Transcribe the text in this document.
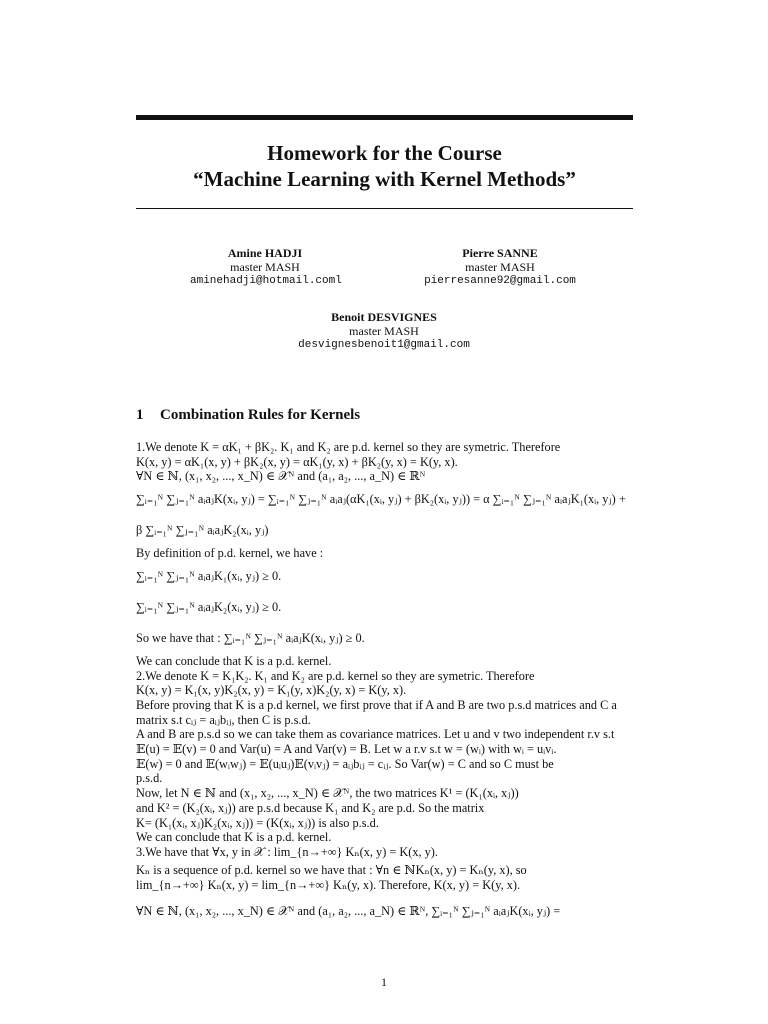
Homework for the Course
“Machine Learning with Kernel Methods”
Amine HADJI
master MASH
aminehadji@hotmail.coml
Pierre SANNE
master MASH
pierresanne92@gmail.com
Benoit DESVIGNES
master MASH
desvignesbenoit1@gmail.com
1 Combination Rules for Kernels
1.We denote K = αK₁ + βK₂. K₁ and K₂ are p.d. kernel so they are symetric. Therefore
K(x, y) = αK₁(x, y) + βK₂(x, y) = αK₁(y, x) + βK₂(y, x) = K(y, x).
∀N ∈ ℕ, (x₁, x₂, ..., x_N) ∈ 𝒳ᴺ and (a₁, a₂, ..., a_N) ∈ ℝᴺ
∑ᵢ₌₁ᴺ ∑ⱼ₌₁ᴺ aᵢaⱼK(xᵢ, yⱼ) = ∑ᵢ₌₁ᴺ ∑ⱼ₌₁ᴺ aᵢaⱼ(αK₁(xᵢ, yⱼ) + βK₂(xᵢ, yⱼ)) = α ∑ᵢ₌₁ᴺ ∑ⱼ₌₁ᴺ aᵢaⱼK₁(xᵢ, yⱼ) +
β ∑ᵢ₌₁ᴺ ∑ⱼ₌₁ᴺ aᵢaⱼK₂(xᵢ, yⱼ)
By definition of p.d. kernel, we have :
∑ᵢ₌₁ᴺ ∑ⱼ₌₁ᴺ aᵢaⱼK₁(xᵢ, yⱼ) ≥ 0.
∑ᵢ₌₁ᴺ ∑ⱼ₌₁ᴺ aᵢaⱼK₂(xᵢ, yⱼ) ≥ 0.
So we have that : ∑ᵢ₌₁ᴺ ∑ⱼ₌₁ᴺ aᵢaⱼK(xᵢ, yⱼ) ≥ 0.
We can conclude that K is a p.d. kernel.
2.We denote K = K₁K₂. K₁ and K₂ are p.d. kernel so they are symetric. Therefore
K(x, y) = K₁(x, y)K₂(x, y) = K₁(y, x)K₂(y, x) = K(y, x).
Before proving that K is a p.d kernel, we first prove that if A and B are two p.s.d matrices and C a
matrix s.t cᵢⱼ = aᵢⱼbᵢⱼ, then C is p.s.d.
A and B are p.s.d so we can take them as covariance matrices. Let u and v two independent r.v s.t
𝔼(u) = 𝔼(v) = 0 and Var(u) = A and Var(v) = B. Let w a r.v s.t w = (wᵢ) with wᵢ = uᵢvᵢ.
𝔼(w) = 0 and 𝔼(wᵢwⱼ) = 𝔼(uᵢuⱼ)𝔼(vᵢvⱼ) = aᵢⱼbᵢⱼ = cᵢⱼ. So Var(w) = C and so C must be
p.s.d.
Now, let N ∈ ℕ and (x₁, x₂, ..., x_N) ∈ 𝒳ᴺ, the two matrices K¹ = (K₁(xᵢ, xⱼ))
and K² = (K₂(xᵢ, xⱼ)) are p.s.d because K₁ and K₂ are p.d. So the matrix
K= (K₁(xᵢ, xⱼ)K₂(xᵢ, xⱼ)) = (K(xᵢ, xⱼ)) is also p.s.d.
We can conclude that K is a p.d. kernel.
3.We have that ∀x, y in 𝒳 : lim_{n→+∞} Kₙ(x, y) = K(x, y).
Kₙ is a sequence of p.d. kernel so we have that : ∀n ∈ ℕKₙ(x, y) = Kₙ(y, x), so
lim_{n→+∞} Kₙ(x, y) = lim_{n→+∞} Kₙ(y, x). Therefore, K(x, y) = K(y, x).
∀N ∈ ℕ, (x₁, x₂, ..., x_N) ∈ 𝒳ᴺ and (a₁, a₂, ..., a_N) ∈ ℝᴺ, ∑ᵢ₌₁ᴺ ∑ⱼ₌₁ᴺ aᵢaⱼK(xᵢ, yⱼ) =
1
